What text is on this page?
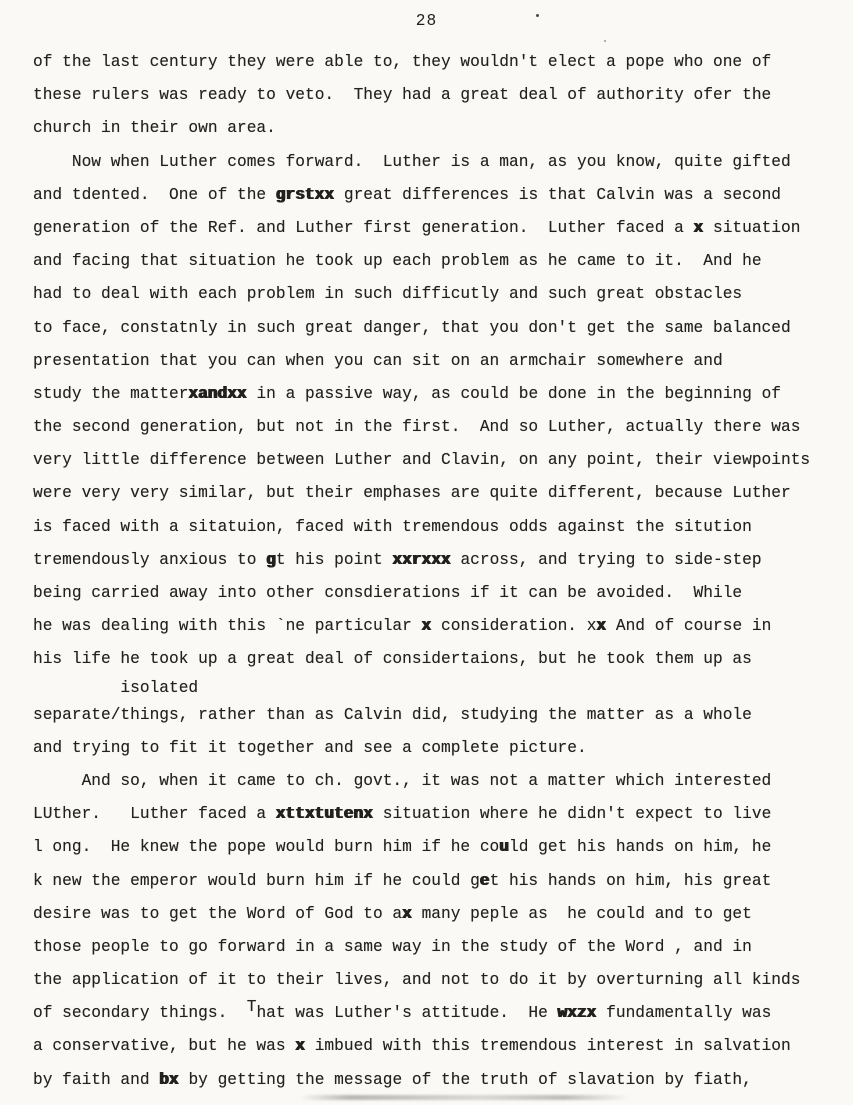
28
of the last century they were able to, they wouldn't elect a pope who one of
these rulers was ready to veto.  They had a great deal of authority ofer the
church in their own area.
Now when Luther comes forward.  Luther is a man, as you know, quite gifted
and tdented.  One of the grstxx great differences is that Calvin was a second
generation of the Ref. and Luther first generation.  Luther faced a x situation
and facing that situation he took up each problem as he came to it.  And he
had to deal with each problem in such difficutly and such great obstacles
to face, constatnly in such great danger, that you don't get the same balanced
presentation that you can when you can sit on an armchair somewhere and
study the matterxandxx in a passive way, as could be done in the beginning of
the second generation, but not in the first.  And so Luther, actually there was
very little difference between Luther and Clavin, on any point, their viewpoints
were very very similar, but their emphases are quite different, because Luther
is faced with a sitatuion, faced with tremendous odds against the sitution
tremendously anxious to gt his point xxrxxx across, and trying to side-step
being carried away into other consdierations if it can be avoided.  While
he was dealing with this `ne particular x consideration. xx And of course in
his life he took up a great deal of considertaions, but he took them up as
isolated
separate/things, rather than as Calvin did, studying the matter as a whole
and trying to fit it together and see a complete picture.
And so, when it came to ch. govt., it was not a matter which interested
LUther.   Luther faced a xttxtutenx situation where he didn't expect to live
l ong.  He knew the pope would burn him if he could get his hands on him, he
k new the emperor would burn him if he could get his hands on him, his great
desire was to get the Word of God to ax many peple as  he could and to get
those people to go forward in a same way in the study of the Word , and in
the application of it to their lives, and not to do it by overturning all kinds
of secondary things.  That was Luther's attitude.  He wxzx fundamentally was
a conservative, but he was x imbued with this tremendous interest in salvation
by faith and bx by getting the message of the truth of slavation by fiath,
